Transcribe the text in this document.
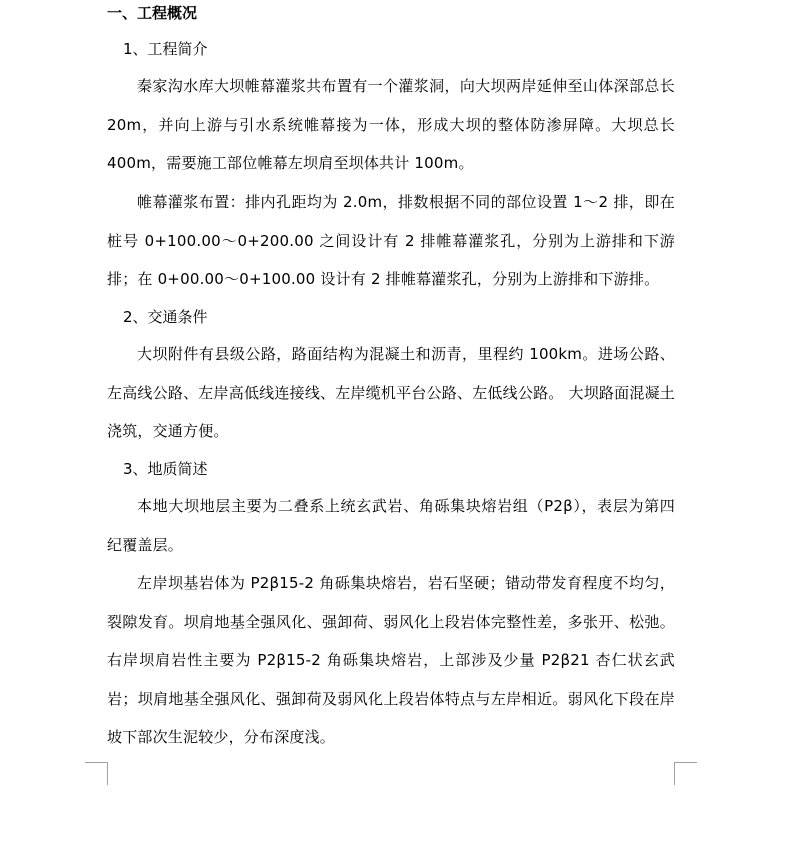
一、工程概况
1、工程简介
秦家沟水库大坝帷幕灌浆共布置有一个灌浆洞，向大坝两岸延伸至山体深部总长 20m，并向上游与引水系统帷幕接为一体，形成大坝的整体防渗屏障。大坝总长 400m，需要施工部位帷幕左坝肩至坝体共计 100m。
帷幕灌浆布置：排内孔距均为 2.0m，排数根据不同的部位设置 1～2 排，即在桩号 0+100.00～0+200.00 之间设计有 2 排帷幕灌浆孔，分别为上游排和下游排；在 0+00.00～0+100.00 设计有 2 排帷幕灌浆孔，分别为上游排和下游排。
2、交通条件
大坝附件有县级公路，路面结构为混凝土和沥青，里程约 100km。进场公路、左高线公路、左岸高低线连接线、左岸缆机平台公路、左低线公路。 大坝路面混凝土浇筑，交通方便。
3、地质简述
本地大坝地层主要为二叠系上统玄武岩、角砾集块熔岩组（P2β），表层为第四纪覆盖层。
左岸坝基岩体为 P2β15-2 角砾集块熔岩，岩石坚硬；错动带发育程度不均匀，裂隙发育。坝肩地基全强风化、强卸荷、弱风化上段岩体完整性差，多张开、松弛。右岸坝肩岩性主要为 P2β15-2 角砾集块熔岩，上部涉及少量 P2β21 杏仁状玄武岩；坝肩地基全强风化、强卸荷及弱风化上段岩体特点与左岸相近。弱风化下段在岸坡下部次生泥较少，分布深度浅。
